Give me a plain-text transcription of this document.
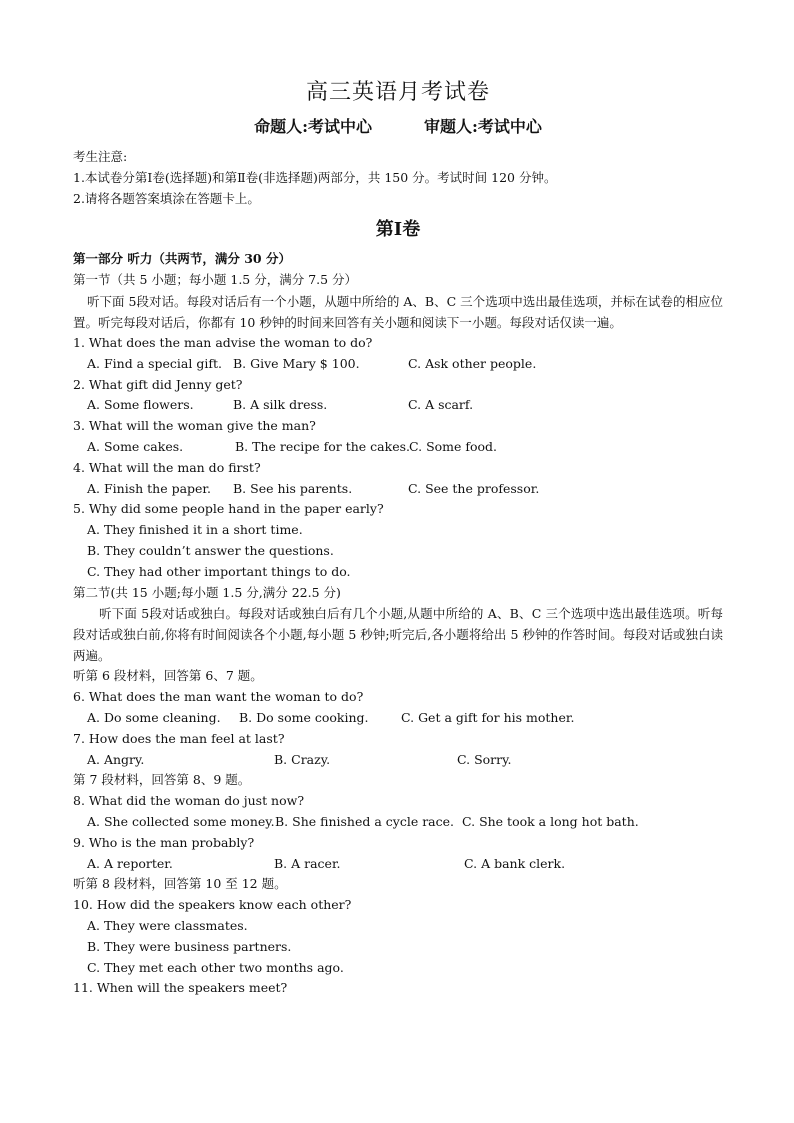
高三英语月考试卷
命题人:考试中心	审题人:考试中心
考生注意:
1.本试卷分第Ⅰ卷(选择题)和第Ⅱ卷(非选择题)两部分，共 150 分。考试时间 120 分钟。
2.请将各题答案填涂在答题卡上。
第Ⅰ卷
第一部分 听力（共两节，满分 30 分）
第一节（共 5 小题；每小题 1.5 分，满分 7.5 分）
听下面 5段对话。每段对话后有一个小题，从题中所给的 A、B、C 三个选项中选出最佳选项，并标在试卷的相应位置。听完每段对话后，你都有 10 秒钟的时间来回答有关小题和阅读下一小题。每段对话仅读一遍。
1. What does the man advise the woman to do?
A. Find a special gift. B. Give Mary $ 100.	C. Ask other people.
2. What gift did Jenny get?
A. Some flowers.	B. A silk dress.	C. A scarf.
3. What will the woman give the man?
A. Some cakes.	B. The recipe for the cakes. C. Some food.
4. What will the man do first?
A. Finish the paper.	B. See his parents.	C. See the professor.
5. Why did some people hand in the paper early?
A. They finished it in a short time.
B. They couldn’t answer the questions.
C. They had other important things to do.
第二节(共 15 小题;每小题 1.5 分,满分 22.5 分)
听下面 5段对话或独白。每段对话或独白后有几个小题,从题中所给的 A、B、C 三个选项中选出最佳选项。听每段对话或独白前,你将有时间阅读各个小题,每小题 5 秒钟;听完后,各小题将给出 5 秒钟的作答时间。每段对话或独白读两遍。
听第 6 段材料，回答第 6、7 题。
6. What does the man want the woman to do?
A. Do some cleaning.	B. Do some cooking.	C. Get a gift for his mother.
7. How does the man feel at last?
A. Angry.	B. Crazy.	C. Sorry.
第 7 段材料，回答第 8、9 题。
8. What did the woman do just now?
A. She collected some money. B. She finished a cycle race. C. She took a long hot bath.
9. Who is the man probably?
A. A reporter.	B. A racer.	C. A bank clerk.
听第 8 段材料，回答第 10 至 12 题。
10. How did the speakers know each other?
A. They were classmates.
B. They were business partners.
C. They met each other two months ago.
11. When will the speakers meet?
